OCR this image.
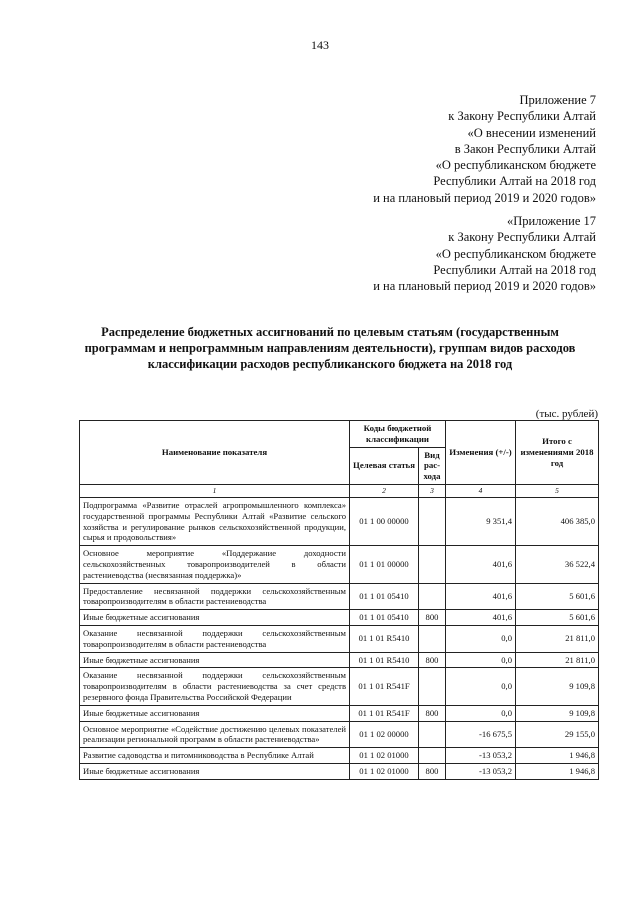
143
Приложение 7
к Закону Республики Алтай
«О внесении изменений
в Закон Республики Алтай
«О республиканском бюджете
Республики Алтай на 2018 год
и на плановый период 2019 и 2020 годов»
«Приложение 17
к Закону Республики Алтай
«О республиканском бюджете
Республики Алтай на 2018 год
и на плановый период 2019 и 2020 годов»
Распределение бюджетных ассигнований по целевым статьям (государственным
программам и непрограммным направлениям деятельности), группам видов расходов
классификации расходов республиканского бюджета на 2018 год
(тыс. рублей)
Наименование показателя	Коды бюджетной классификации		Изменения (+/-)	Итого с изменениями 2018 год
	Целевая статья	Вид рас-хода		
1	2	3	4	5
Подпрограмма «Развитие отраслей агропромышленного комплекса» государственной программы Республики Алтай «Развитие сельского хозяйства и регулирование рынков сельскохозяйственной продукции, сырья и продовольствия»	01 1 00 00000		9 351,4	406 385,0
Основное мероприятие «Поддержание доходности сельскохозяйственных товаропроизводителей в области растениеводства (несвязанная поддержка)»	01 1 01 00000		401,6	36 522,4
Предоставление несвязанной поддержки сельскохозяйственным товаропроизводителям в области растениеводства	01 1 01 05410		401,6	5 601,6
Иные бюджетные ассигнования	01 1 01 05410	800	401,6	5 601,6
Оказание несвязанной поддержки сельскохозяйственным товаропроизводителям в области растениеводства	01 1 01 R5410		0,0	21 811,0
Иные бюджетные ассигнования	01 1 01 R5410	800	0,0	21 811,0
Оказание несвязанной поддержки сельскохозяйственным товаропроизводителям в области растениеводства за счет средств резервного фонда Правительства Российской Федерации	01 1 01 R541F		0,0	9 109,8
Иные бюджетные ассигнования	01 1 01 R541F	800	0,0	9 109,8
Основное мероприятие «Содействие достижению целевых показателей реализации региональной программ в области растениеводства»	01 1 02 00000		-16 675,5	29 155,0
Развитие садоводства и питомниководства в Республике Алтай	01 1 02 01000		-13 053,2	1 946,8
Иные бюджетные ассигнования	01 1 02 01000	800	-13 053,2	1 946,8
